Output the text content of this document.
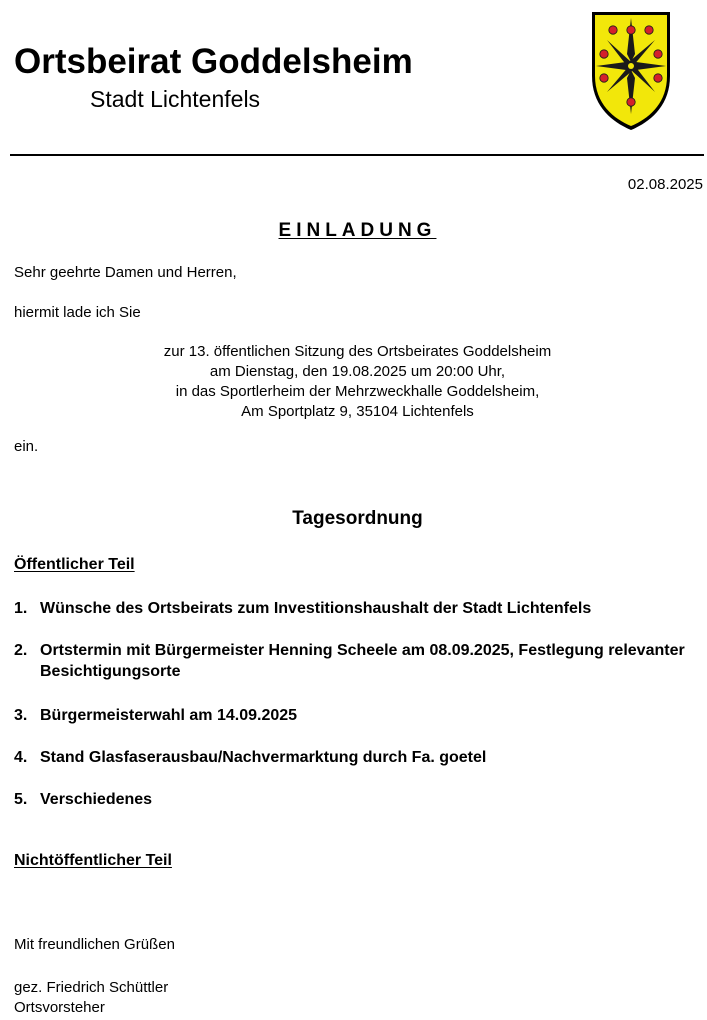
Ortsbeirat Goddelsheim
Stadt Lichtenfels
02.08.2025
EINLADUNG
Sehr geehrte Damen und Herren,
hiermit lade ich Sie
zur 13. öffentlichen Sitzung des Ortsbeirates Goddelsheim
am Dienstag, den 19.08.2025 um 20:00 Uhr,
in das Sportlerheim der Mehrzweckhalle Goddelsheim,
Am Sportplatz 9, 35104 Lichtenfels
ein.
Tagesordnung
Öffentlicher Teil
1. Wünsche des Ortsbeirats zum Investitionshaushalt der Stadt Lichtenfels
2. Ortstermin mit Bürgermeister Henning Scheele am 08.09.2025, Festlegung relevanter Besichtigungsorte
3. Bürgermeisterwahl am 14.09.2025
4. Stand Glasfaserausbau/Nachvermarktung durch Fa. goetel
5. Verschiedenes
Nichtöffentlicher Teil
Mit freundlichen Grüßen
gez. Friedrich Schüttler
Ortsvorsteher
